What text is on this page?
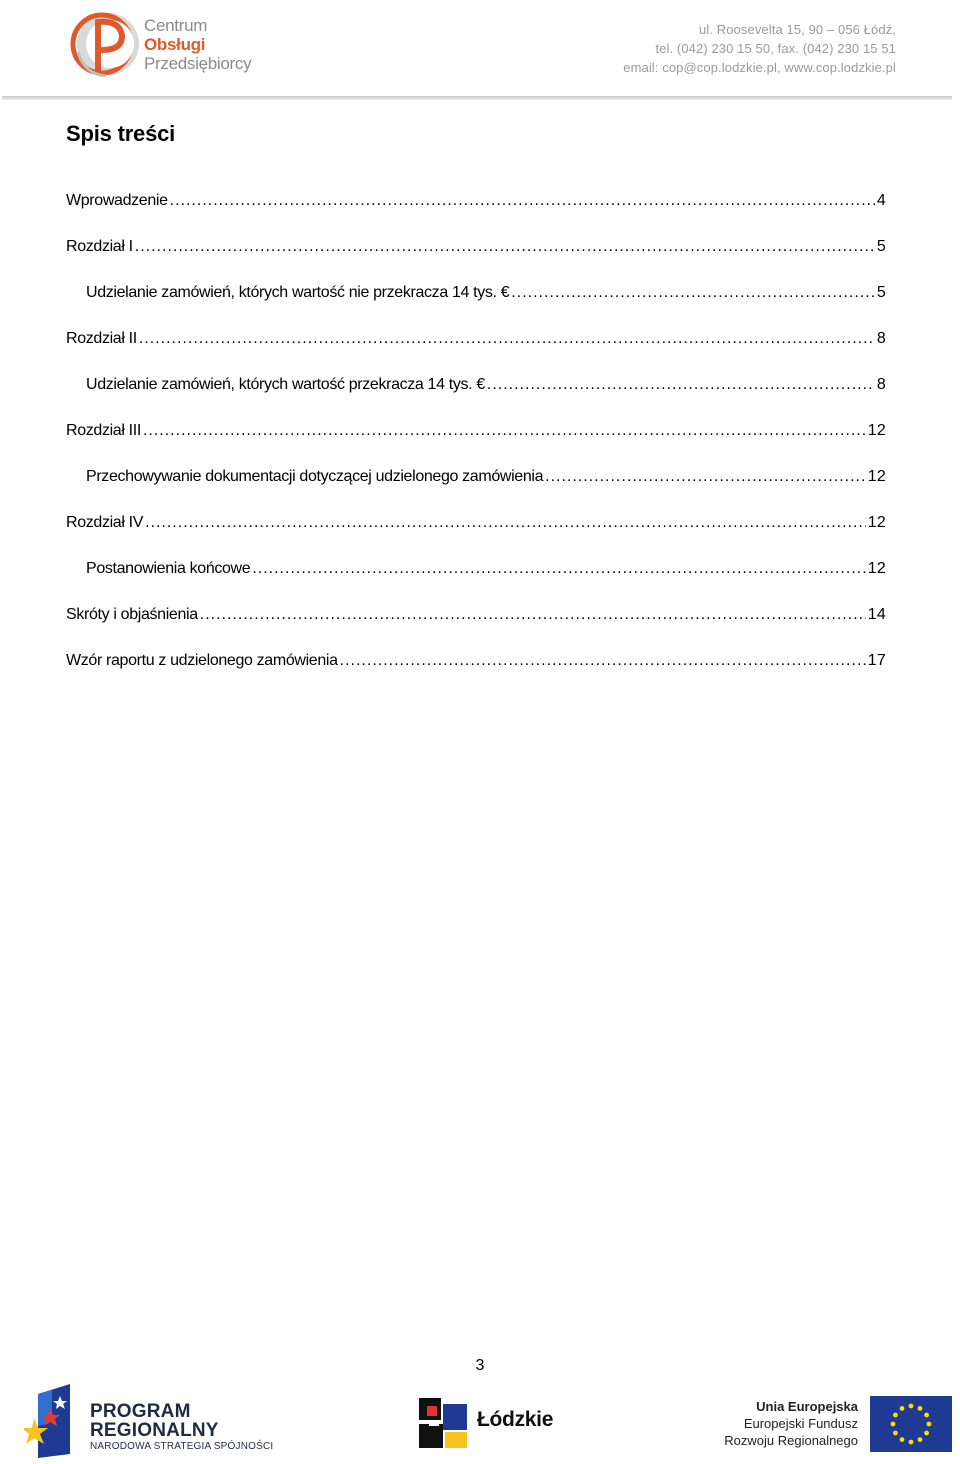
Centrum
Obsługi
Przedsiębiorcy
ul. Roosevelta 15, 90 – 056 Łódź,
tel. (042) 230 15 50, fax. (042) 230 15 51
email: cop@cop.lodzkie.pl, www.cop.lodzkie.pl
Spis treści
Wprowadzenie .....	4
Rozdział I .....	5
Udzielanie zamówień, których wartość nie przekracza 14 tys. € .....	5
Rozdział II .....	8
Udzielanie zamówień, których wartość przekracza 14 tys. € .....	8
Rozdział III .....	12
Przechowywanie dokumentacji dotyczącej udzielonego zamówienia .....	12
Rozdział IV .....	12
Postanowienia końcowe .....	12
Skróty i objaśnienia .....	14
Wzór raportu z udzielonego zamówienia .....	17
3
PROGRAM
REGIONALNY
NARODOWA STRATEGIA SPÓJNOŚCI
Łódzkie
Unia Europejska
Europejski Fundusz
Rozwoju Regionalnego
